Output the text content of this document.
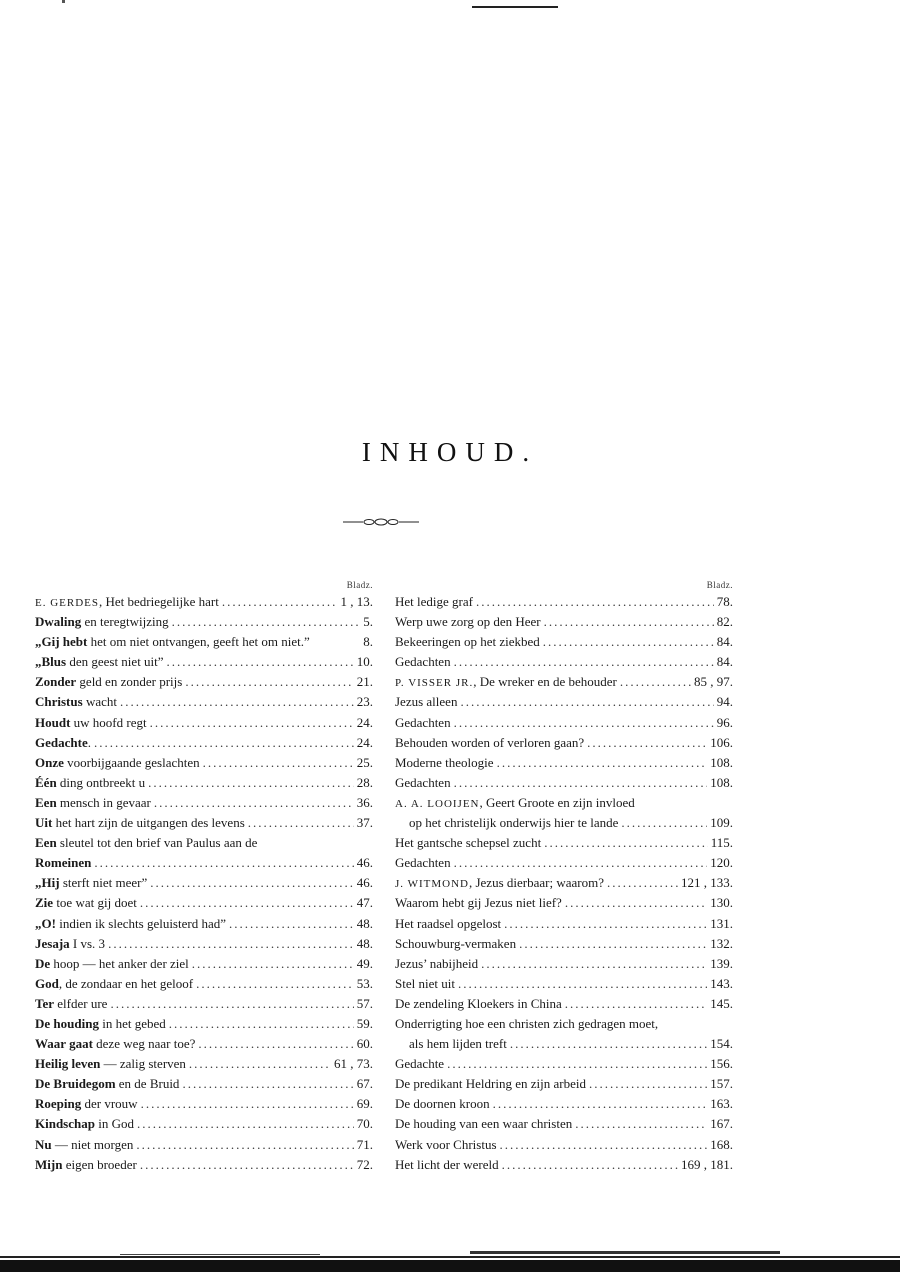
INHOUD.
Bladz.
E. GERDES, Het bedriegelijke hart .....	1 , 13.
Dwaling en teregtwijzing .....	5.
„Gij hebt het om niet ontvangen, geeft het om niet.”	8.
„Blus den geest niet uit” .....	10.
Zonder geld en zonder prijs .....	21.
Christus wacht .....	23.
Houdt uw hoofd regt .....	24.
Gedachte. .....	24.
Onze voorbijgaande geslachten .....	25.
Één ding ontbreekt u .....	28.
Een mensch in gevaar .....	36.
Uit het hart zijn de uitgangen des levens .....	37.
Een sleutel tot den brief van Paulus aan de
Romeinen .....	46.
„Hij sterft niet meer” .....	46.
Zie toe wat gij doet .....	47.
„O! indien ik slechts geluisterd had” .....	48.
Jesaja I vs. 3 .....	48.
De hoop — het anker der ziel .....	49.
God, de zondaar en het geloof .....	53.
Ter elfder ure .....	57.
De houding in het gebed .....	59.
Waar gaat deze weg naar toe? .....	60.
Heilig leven — zalig sterven .....	61 , 73.
De Bruidegom en de Bruid .....	67.
Roeping der vrouw .....	69.
Kindschap in God .....	70.
Nu — niet morgen .....	71.
Mijn eigen broeder .....	72.
Bladz.
Het ledige graf .....	78.
Werp uwe zorg op den Heer .....	82.
Bekeeringen op het ziekbed .....	84.
Gedachten .....	84.
P. VISSER JR., De wreker en de behouder .....	85 , 97.
Jezus alleen .....	94.
Gedachten .....	96.
Behouden worden of verloren gaan? .....	106.
Moderne theologie .....	108.
Gedachten .....	108.
A. A. LOOIJEN, Geert Groote en zijn invloed
op het christelijk onderwijs hier te lande .....	109.
Het gantsche schepsel zucht .....	115.
Gedachten .....	120.
J. WITMOND, Jezus dierbaar; waarom? .....	121 , 133.
Waarom hebt gij Jezus niet lief? .....	130.
Het raadsel opgelost .....	131.
Schouwburg-vermaken .....	132.
Jezus’ nabijheid .....	139.
Stel niet uit .....	143.
De zendeling Kloekers in China .....	145.
Onderrigting hoe een christen zich gedragen moet,
als hem lijden treft .....	154.
Gedachte .....	156.
De predikant Heldring en zijn arbeid .....	157.
De doornen kroon .....	163.
De houding van een waar christen .....	167.
Werk voor Christus .....	168.
Het licht der wereld .....	169 , 181.
